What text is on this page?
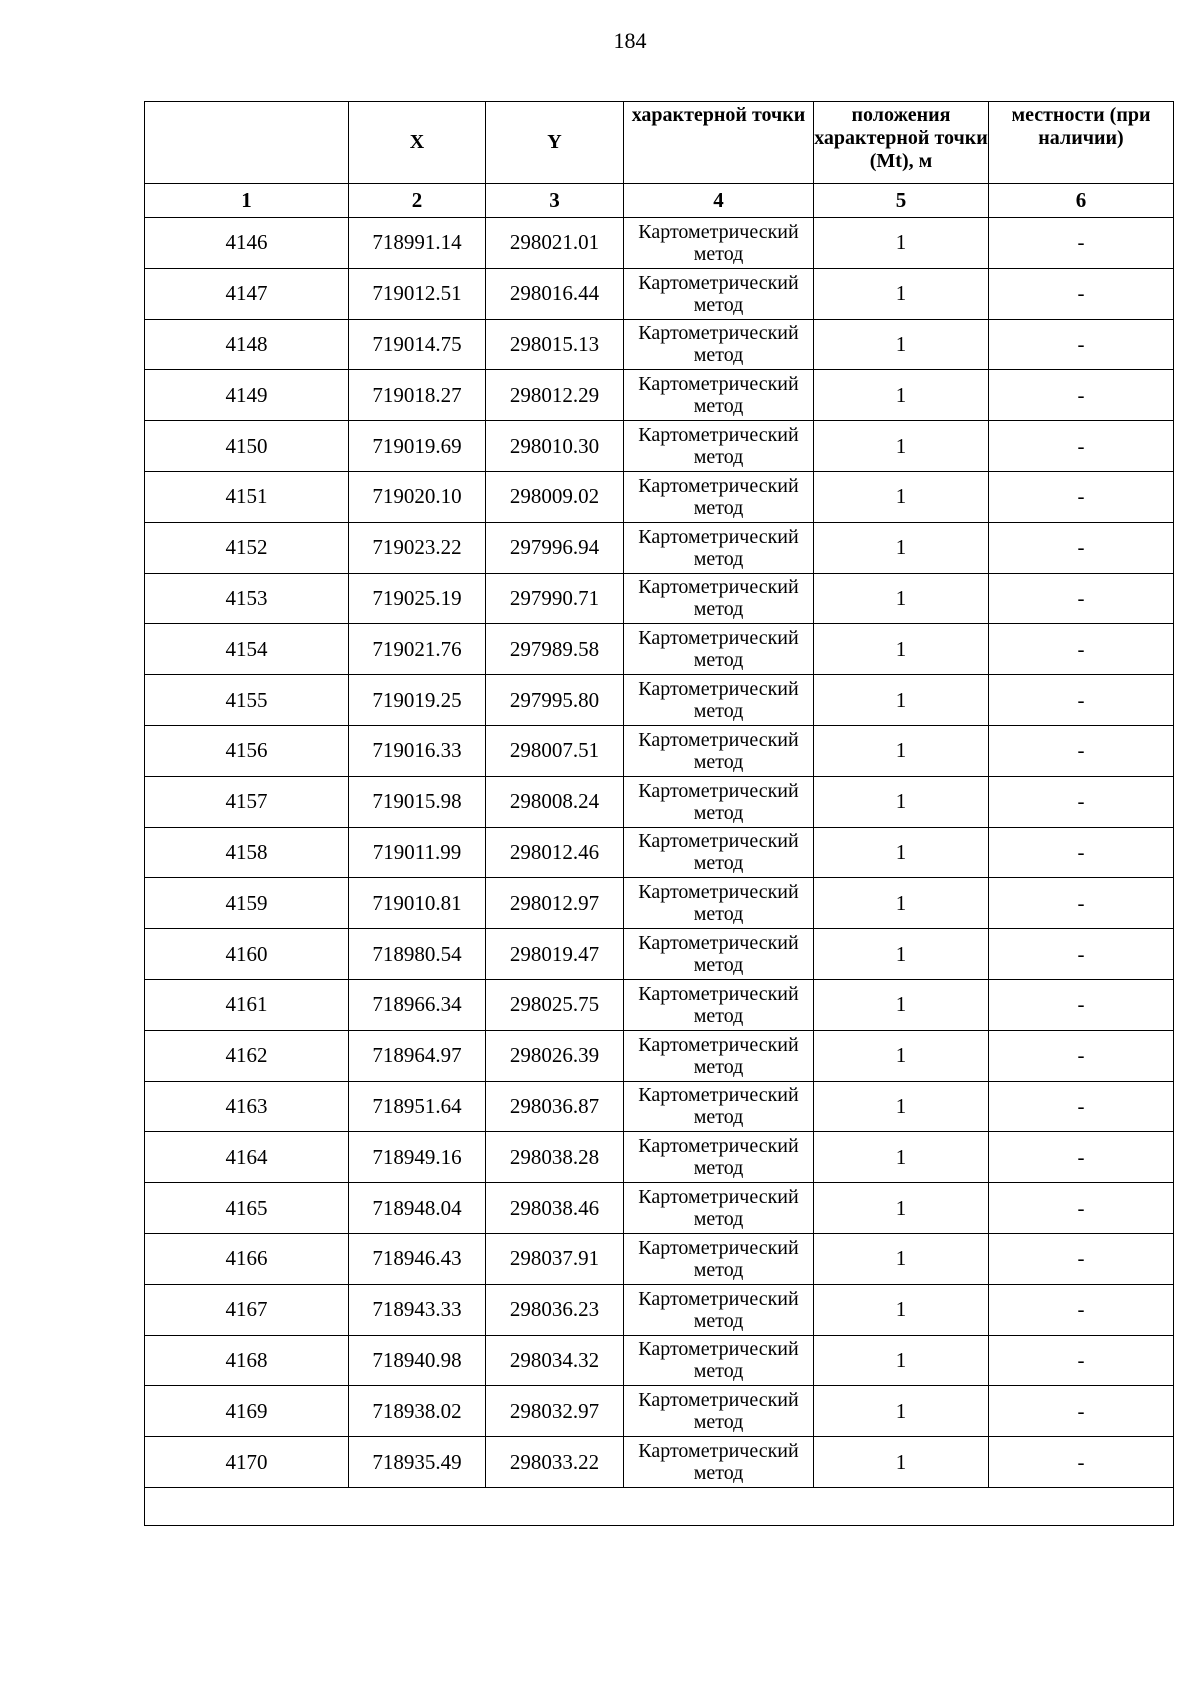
184
	X	Y	характерной точки	положения характерной точки (Mt), м	местности (при наличии)
1	2	3	4	5	6
4146	718991.14	298021.01	Картометрический метод	1	-
4147	719012.51	298016.44	Картометрический метод	1	-
4148	719014.75	298015.13	Картометрический метод	1	-
4149	719018.27	298012.29	Картометрический метод	1	-
4150	719019.69	298010.30	Картометрический метод	1	-
4151	719020.10	298009.02	Картометрический метод	1	-
4152	719023.22	297996.94	Картометрический метод	1	-
4153	719025.19	297990.71	Картометрический метод	1	-
4154	719021.76	297989.58	Картометрический метод	1	-
4155	719019.25	297995.80	Картометрический метод	1	-
4156	719016.33	298007.51	Картометрический метод	1	-
4157	719015.98	298008.24	Картометрический метод	1	-
4158	719011.99	298012.46	Картометрический метод	1	-
4159	719010.81	298012.97	Картометрический метод	1	-
4160	718980.54	298019.47	Картометрический метод	1	-
4161	718966.34	298025.75	Картометрический метод	1	-
4162	718964.97	298026.39	Картометрический метод	1	-
4163	718951.64	298036.87	Картометрический метод	1	-
4164	718949.16	298038.28	Картометрический метод	1	-
4165	718948.04	298038.46	Картометрический метод	1	-
4166	718946.43	298037.91	Картометрический метод	1	-
4167	718943.33	298036.23	Картометрический метод	1	-
4168	718940.98	298034.32	Картометрический метод	1	-
4169	718938.02	298032.97	Картометрический метод	1	-
4170	718935.49	298033.22	Картометрический метод	1	-
